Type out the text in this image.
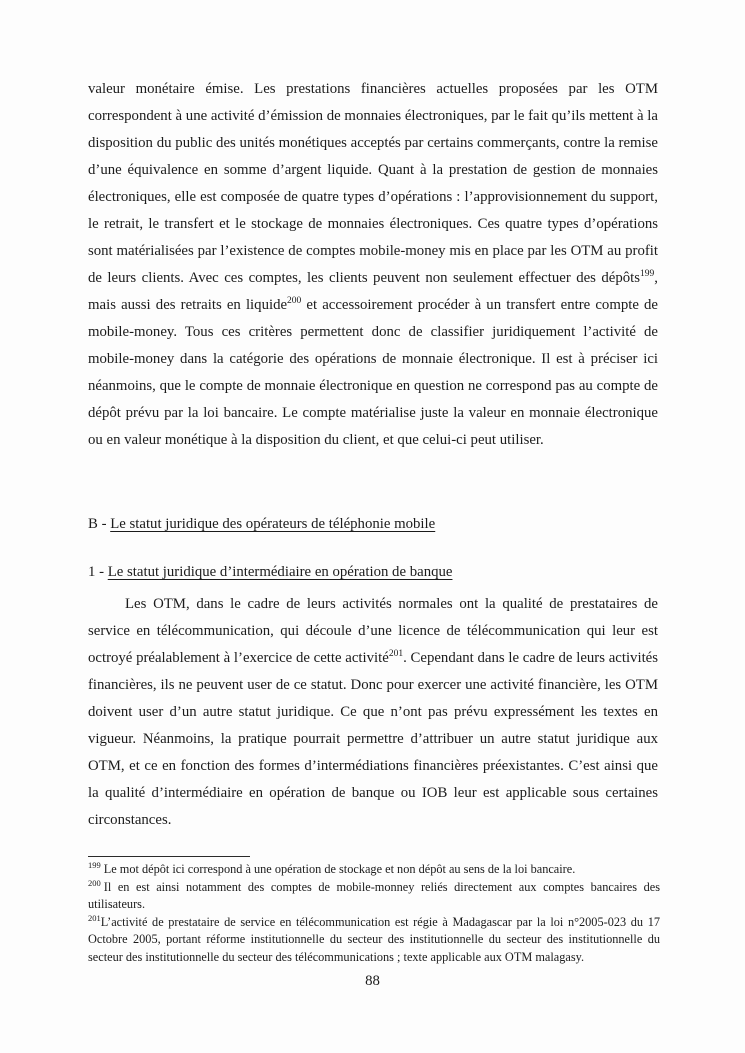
valeur monétaire émise. Les prestations financières actuelles proposées par les OTM correspondent à une activité d’émission de monnaies électroniques, par le fait qu’ils mettent à la disposition du public des unités monétiques acceptés par certains commerçants, contre la remise d’une équivalence en somme d’argent liquide. Quant à la prestation de gestion de monnaies électroniques, elle est composée de quatre types d’opérations : l’approvisionnement du support, le retrait, le transfert et le stockage de monnaies électroniques. Ces quatre types d’opérations sont matérialisées par l’existence de comptes mobile-money mis en place par les OTM au profit de leurs clients. Avec ces comptes, les clients peuvent non seulement effectuer des dépôts$^{199}$, mais aussi des retraits en liquide$^{200}$ et accessoirement procéder à un transfert entre compte de mobile-money. Tous ces critères permettent donc de classifier juridiquement l’activité de mobile-money dans la catégorie des opérations de monnaie électronique. Il est à préciser ici néanmoins, que le compte de monnaie électronique en question ne correspond pas au compte de dépôt prévu par la loi bancaire. Le compte matérialise juste la valeur en monnaie électronique ou en valeur monétique à la disposition du client, et que celui-ci peut utiliser.

B - Le statut juridique des opérateurs de téléphonie mobile
1 - Le statut juridique d’intermédiaire en opération de banque

Les OTM, dans le cadre de leurs activités normales ont la qualité de prestataires de service en télécommunication, qui découle d’une licence de télécommunication qui leur est octroyé préalablement à l’exercice de cette activité$^{201}$. Cependant dans le cadre de leurs activités financières, ils ne peuvent user de ce statut. Donc pour exercer une activité financière, les OTM doivent user d’un autre statut juridique. Ce que n’ont pas prévu expressément les textes en vigueur. Néanmoins, la pratique pourrait permettre d’attribuer un autre statut juridique aux OTM, et ce en fonction des formes d’intermédiations financières préexistantes. C’est ainsi que la qualité d’intermédiaire en opération de banque ou IOB leur est applicable sous certaines circonstances.

$^{199}$ Le mot dépôt ici correspond à une opération de stockage et non dépôt au sens de la loi bancaire.

$^{200}$ Il en est ainsi notamment des comptes de mobile-monney reliés directement aux comptes bancaires des utilisateurs.

$^{201}$L’activité de prestataire de service en télécommunication est régie à Madagascar par la loi n°2005-023 du 17 Octobre 2005, portant réforme institutionnelle du secteur des institutionnelle du secteur des institutionnelle du secteur des institutionnelle du secteur des télécommunications ; texte applicable aux OTM malagasy.

88
